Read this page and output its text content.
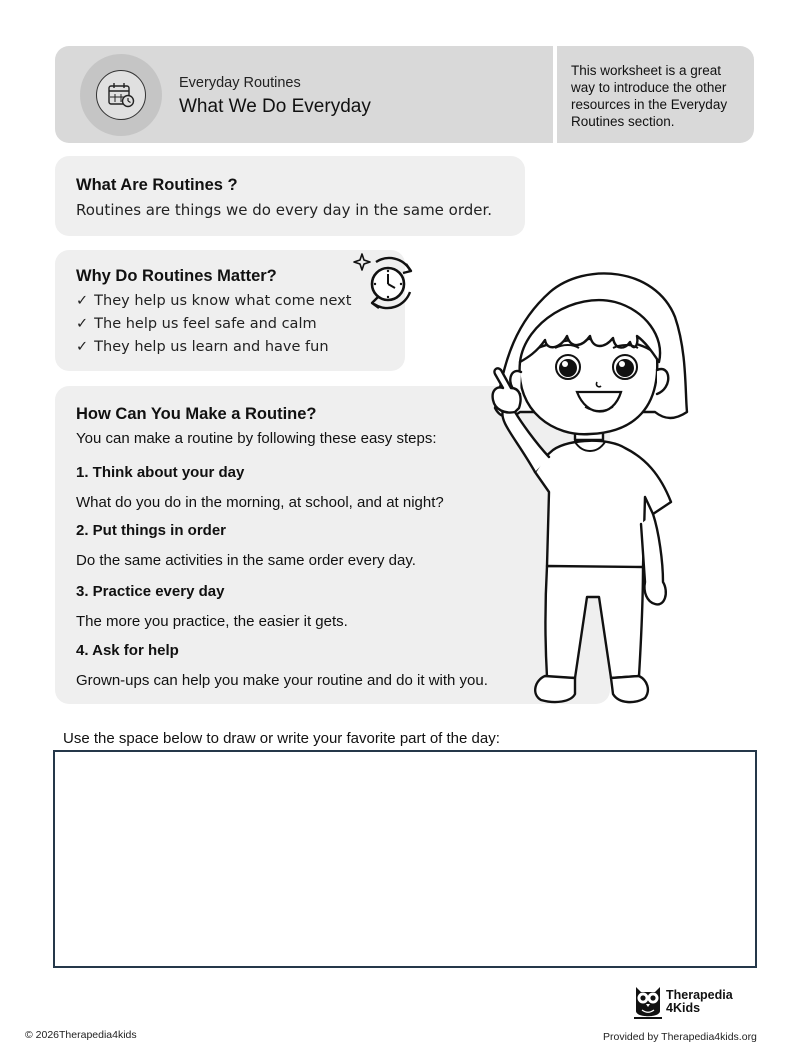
Everyday Routines
What We Do Everyday
This worksheet is a great way to introduce the other resources in the Everyday Routines section.
What Are Routines ?
Routines are things we do every day in the same order.
Why Do Routines Matter?
✓ They help us know what come next
✓ The help us feel safe and calm
✓ They help us learn and have fun
How Can You Make a Routine?
You can make a routine by following these easy steps:
1. Think about your day
What do you do in the morning, at school, and at night?
2. Put things in order
Do the same activities in the same order every day.
3. Practice every day
The more you practice, the easier it gets.
4. Ask for help
Grown-ups can help you make your routine and do it with you.
Use the space below to draw or write your favorite part of the day:
Therapedia
4Kids
© 2026Therapedia4kids	Provided by Therapedia4kids.org
